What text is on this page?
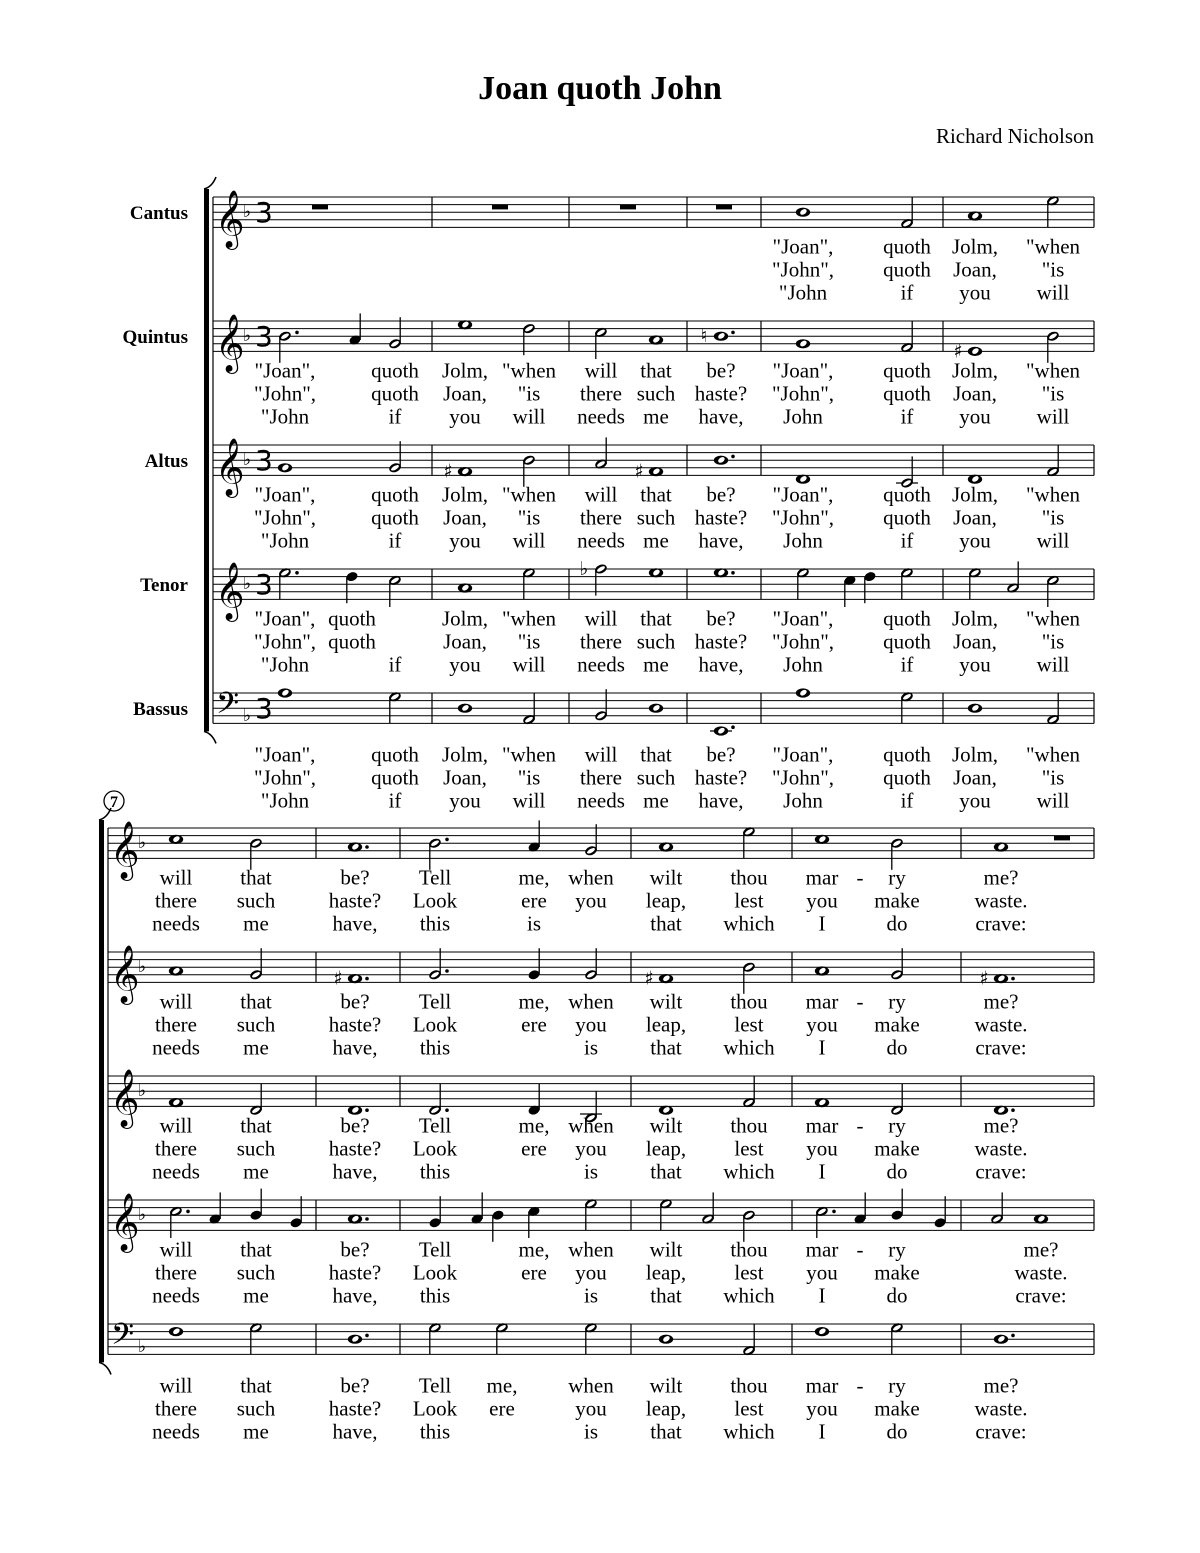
Joan quoth John
Richard Nicholson
𝄞
♭ 3
Cantus
"Joan", quoth Jolm, "when
"John", quoth Joan, "is
"John	if you will
𝄞
♭ 3
Quintus	♮
♯
"Joan",	quoth Jolm, "when will that be? "Joan", quoth Jolm, "when
"John",	quoth Joan, "is there such haste? "John", quoth Joan, "is
"John	if you will needs me have, John	if you will
𝄞
♭ 3
Altus	♯	♯
"Joan",	quoth Jolm, "when will that be? "Joan", quoth Jolm, "when
"John",	quoth Joan, "is there such haste? "John", quoth Joan, "is
"John	if you will needs me have, John	if you will
𝄞
♭ 3
Tenor
♭
"Joan", quoth	Jolm, "when will that be? "Joan", quoth Jolm, "when
"John", quoth	Joan, "is there such haste? "John", quoth Joan, "is
"John	if you will needs me have, John	if you will
𝄢 ♭ 3
Bassus
"Joan",	quoth Jolm, "when will that be? "Joan", quoth Jolm, "when
"John",	quoth Joan, "is there such haste? "John", quoth Joan, "is
"John	if you will needs me have, John	if you will
7
𝄞
♭
will that	be? Tell	me, when wilt thou mar - ry	me?
there such	haste? Look	ere you leap, lest you make	waste.
needs me	have, this	is	that which I	do	crave:
𝄞
♭
♯	♯	♯
will that	be? Tell	me, when wilt thou mar - ry	me?
there such	haste? Look	ere you leap, lest you make	waste.
needs me	have, this	is that which I	do	crave:
𝄞
♭
will that	be? Tell	me, when wilt thou mar - ry	me?
there such	haste? Look	ere you leap, lest you make	waste.
needs me	have, this	is that which I	do	crave:
𝄞
♭
will that	be? Tell	me, when wilt thou mar - ry	me?
there such	haste? Look	ere you leap, lest you make	waste.
needs me	have, this	is that which I	do	crave:
𝄢 ♭
will that	be? Tell me, when wilt thou mar - ry	me?
there such	haste? Look ere	you leap, lest you make	waste.
needs me	have, this	is that which I	do	crave:
